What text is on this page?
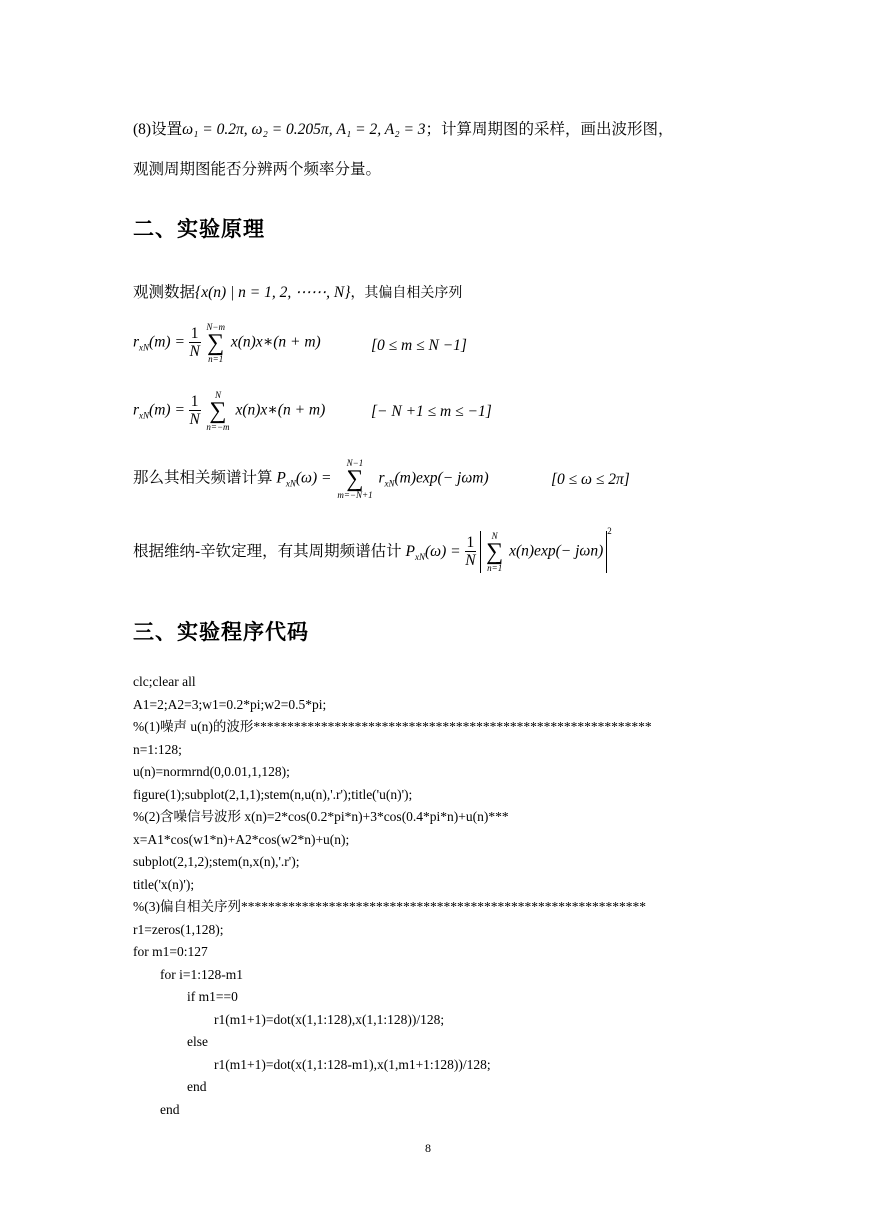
(8)设置ω₁ = 0.2π, ω₂ = 0.205π, A₁ = 2, A₂ = 3；计算周期图的采样，画出波形图，
观测周期图能否分辨两个频率分量。
二、实验原理
观测数据{x(n) | n = 1, 2, ⋯⋯, N}，其偏自相关序列
$r_{xN}(m) = \frac{1}{N}$
N−m
∑
n=1
x(n)x∗(n + m)	[0 ≤ m ≤ N −1]
$r_{xN}(m) = \frac{1}{N}$
	N
∑
n=−m
x(n)x∗(n + m)	[− N +1 ≤ m ≤ −1]
那么其相关频谱计算 $P_{xN}(\omega)$ =
N−1
∑
m=−N+1
$r_{xN}(m)\exp(- j\omega m)$	[0 ≤ ω ≤ 2π]
根据维纳-辛钦定理，有其周期频谱估计 $P_{xN}(\omega) = \frac{1}{N}$
	N
∑
n=1
$x(n)\exp(- j\omega n)^2$
三、实验程序代码
clc;clear all
A1=2;A2=3;w1=0.2*pi;w2=0.5*pi;
%(1)噪声 u(n)的波形***********************************************************
n=1:128;
u(n)=normrnd(0,0.01,1,128);
figure(1);subplot(2,1,1);stem(n,u(n),'.r');title('u(n)');
%(2)含噪信号波形 x(n)=2*cos(0.2*pi*n)+3*cos(0.4*pi*n)+u(n)***
x=A1*cos(w1*n)+A2*cos(w2*n)+u(n);
subplot(2,1,2);stem(n,x(n),'.r');
title('x(n)');
%(3)偏自相关序列************************************************************
r1=zeros(1,128);
for m1=0:127
for i=1:128-m1
if m1==0
r1(m1+1)=dot(x(1,1:128),x(1,1:128))/128;
else
r1(m1+1)=dot(x(1,1:128-m1),x(1,m1+1:128))/128;
end
end
8
